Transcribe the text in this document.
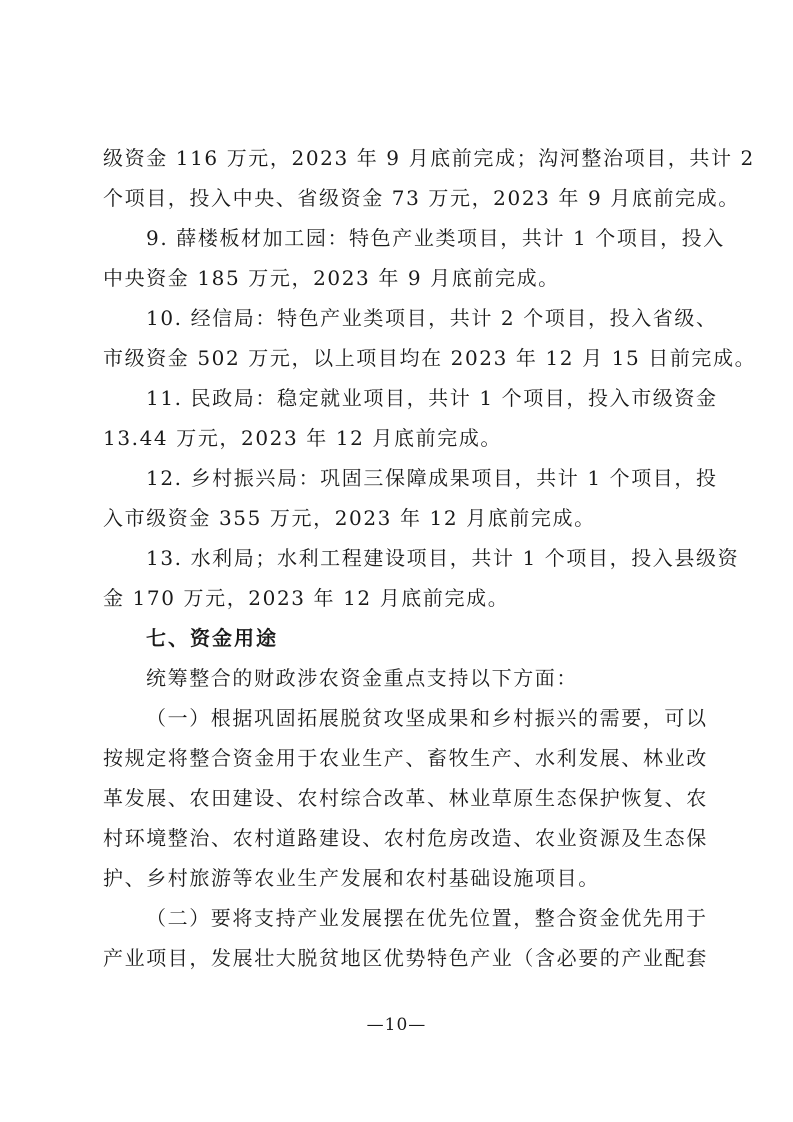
级资金 116 万元，2023 年 9 月底前完成；沟河整治项目，共计 2
个项目，投入中央、省级资金 73 万元，2023 年 9 月底前完成。
9. 薛楼板材加工园：特色产业类项目，共计 1 个项目，投入
中央资金 185 万元，2023 年 9 月底前完成。
10. 经信局：特色产业类项目，共计 2 个项目，投入省级、
市级资金 502 万元，以上项目均在 2023 年 12 月 15 日前完成。
11. 民政局：稳定就业项目，共计 1 个项目，投入市级资金
13.44 万元，2023 年 12 月底前完成。
12. 乡村振兴局：巩固三保障成果项目，共计 1 个项目，投
入市级资金 355 万元，2023 年 12 月底前完成。
13. 水利局；水利工程建设项目，共计 1 个项目，投入县级资
金 170 万元，2023 年 12 月底前完成。
七、资金用途
统筹整合的财政涉农资金重点支持以下方面：
（一）根据巩固拓展脱贫攻坚成果和乡村振兴的需要，可以
按规定将整合资金用于农业生产、畜牧生产、水利发展、林业改
革发展、农田建设、农村综合改革、林业草原生态保护恢复、农
村环境整治、农村道路建设、农村危房改造、农业资源及生态保
护、乡村旅游等农业生产发展和农村基础设施项目。
（二）要将支持产业发展摆在优先位置，整合资金优先用于
产业项目，发展壮大脱贫地区优势特色产业（含必要的产业配套
—10—
